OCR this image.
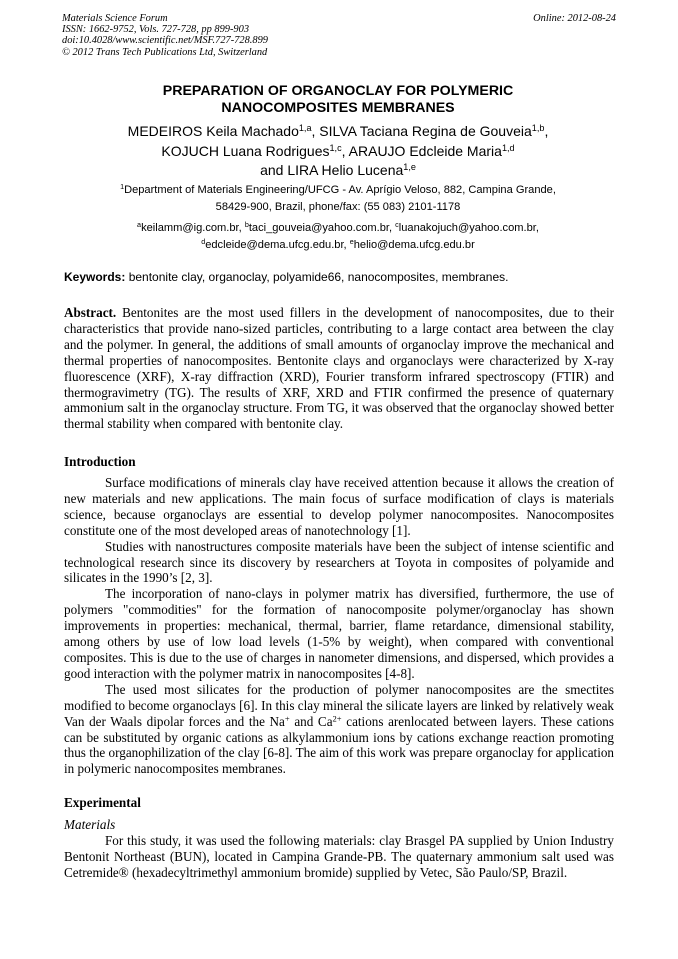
Materials Science Forum
ISSN: 1662-9752, Vols. 727-728, pp 899-903
doi:10.4028/www.scientific.net/MSF.727-728.899
© 2012 Trans Tech Publications Ltd, Switzerland
Online: 2012-08-24
PREPARATION OF ORGANOCLAY FOR POLYMERIC
NANOCOMPOSITES MEMBRANES
MEDEIROS Keila Machado$^{1,a}$, SILVA Taciana Regina de Gouveia$^{1,b}$,
KOJUCH Luana Rodrigues$^{1,c}$, ARAUJO Edcleide Maria$^{1,d}$
and LIRA Helio Lucena$^{1,e}$
$^1$Department of Materials Engineering/UFCG - Av. Aprígio Veloso, 882, Campina Grande,
58429-900, Brazil, phone/fax: (55 083) 2101-1178
$^a$keilamm@ig.com.br, $^b$taci_gouveia@yahoo.com.br, $^c$luanakojuch@yahoo.com.br,
$^d$edcleide@dema.ufcg.edu.br, $^e$helio@dema.ufcg.edu.br
Keywords: bentonite clay, organoclay, polyamide66, nanocomposites, membranes.
Abstract. Bentonites are the most used fillers in the development of nanocomposites, due to their characteristics that provide nano-sized particles, contributing to a large contact area between the clay and the polymer. In general, the additions of small amounts of organoclay improve the mechanical and thermal properties of nanocomposites. Bentonite clays and organoclays were characterized by X-ray fluorescence (XRF), X-ray diffraction (XRD), Fourier transform infrared spectroscopy (FTIR) and thermogravimetry (TG). The results of XRF, XRD and FTIR confirmed the presence of quaternary ammonium salt in the organoclay structure. From TG, it was observed that the organoclay showed better thermal stability when compared with bentonite clay.
Introduction

Surface modifications of minerals clay have received attention because it allows the creation of new materials and new applications. The main focus of surface modification of clays is materials science, because organoclays are essential to develop polymer nanocomposites. Nanocomposites constitute one of the most developed areas of nanotechnology [1].

Studies with nanostructures composite materials have been the subject of intense scientific and technological research since its discovery by researchers at Toyota in composites of polyamide and silicates in the 1990’s [2, 3].

The incorporation of nano-clays in polymer matrix has diversified, furthermore, the use of polymers "commodities" for the formation of nanocomposite polymer/organoclay has shown improvements in properties: mechanical, thermal, barrier, flame retardance, dimensional stability, among others by use of low load levels (1-5% by weight), when compared with conventional composites. This is due to the use of charges in nanometer dimensions, and dispersed, which provides a good interaction with the polymer matrix in nanocomposites [4-8].

The used most silicates for the production of polymer nanocomposites are the smectites modified to become organoclays [6]. In this clay mineral the silicate layers are linked by relatively weak Van der Waals dipolar forces and the Na+ and $Ca^{2+}$ cations arenlocated between layers. These cations can be substituted by organic cations as alkylammonium ions by cations exchange reaction promoting thus the organophilization of the clay [6-8]. The aim of this work was prepare organoclay for application in polymeric nanocomposites membranes.

Experimental
Materials

For this study, it was used the following materials: clay Brasgel PA supplied by Union Industry Bentonit Northeast (BUN), located in Campina Grande-PB. The quaternary ammonium salt used was Cetremide® (hexadecyltrimethyl ammonium bromide) supplied by Vetec, São Paulo/SP, Brazil.
